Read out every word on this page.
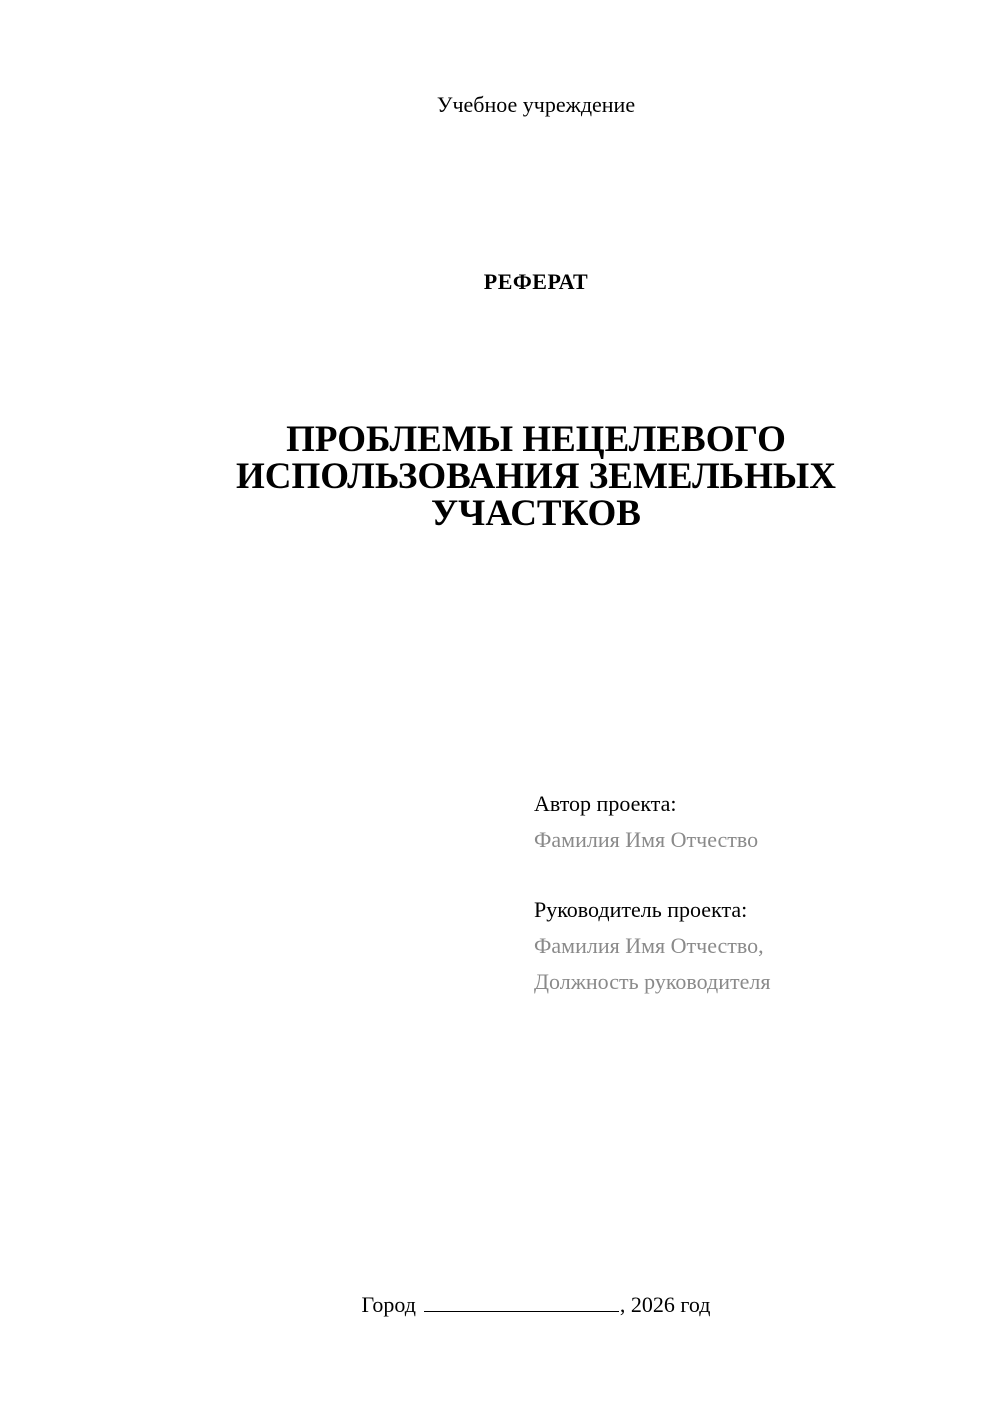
Учебное учреждение
РЕФЕРАТ
ПРОБЛЕМЫ НЕЦЕЛЕВОГО
ИСПОЛЬЗОВАНИЯ ЗЕМЕЛЬНЫХ
УЧАСТКОВ
Автор проекта:
Фамилия Имя Отчество
Руководитель проекта:
Фамилия Имя Отчество,
Должность руководителя
Город	, 2026 год
